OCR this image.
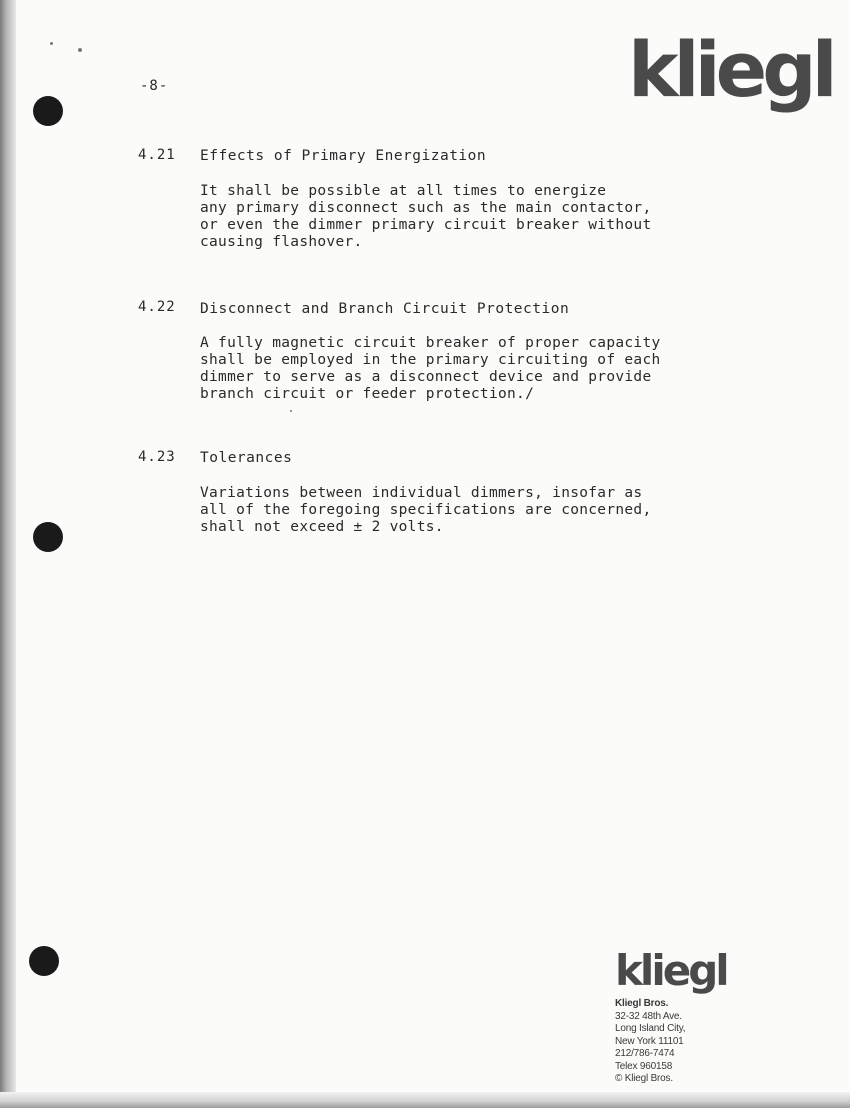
-8-	kliegl
4.21 Effects of Primary Energization

It shall be possible at all times to energize

any primary disconnect such as the main contactor,

or even the dimmer primary circuit breaker without

causing flashover.

4.22 Disconnect and Branch Circuit Protection

A fully magnetic circuit breaker of proper capacity

shall be employed in the primary circuiting of each

dimmer to serve as a disconnect device and provide

branch circuit or feeder protection./

4.23 Tolerances

Variations between individual dimmers, insofar as

all of the foregoing specifications are concerned,

shall not exceed ± 2 volts.

kliegl
Kliegl Bros.
32-32 48th Ave.
Long Island City,
New York 11101
212/786-7474
Telex 960158
© Kliegl Bros.
